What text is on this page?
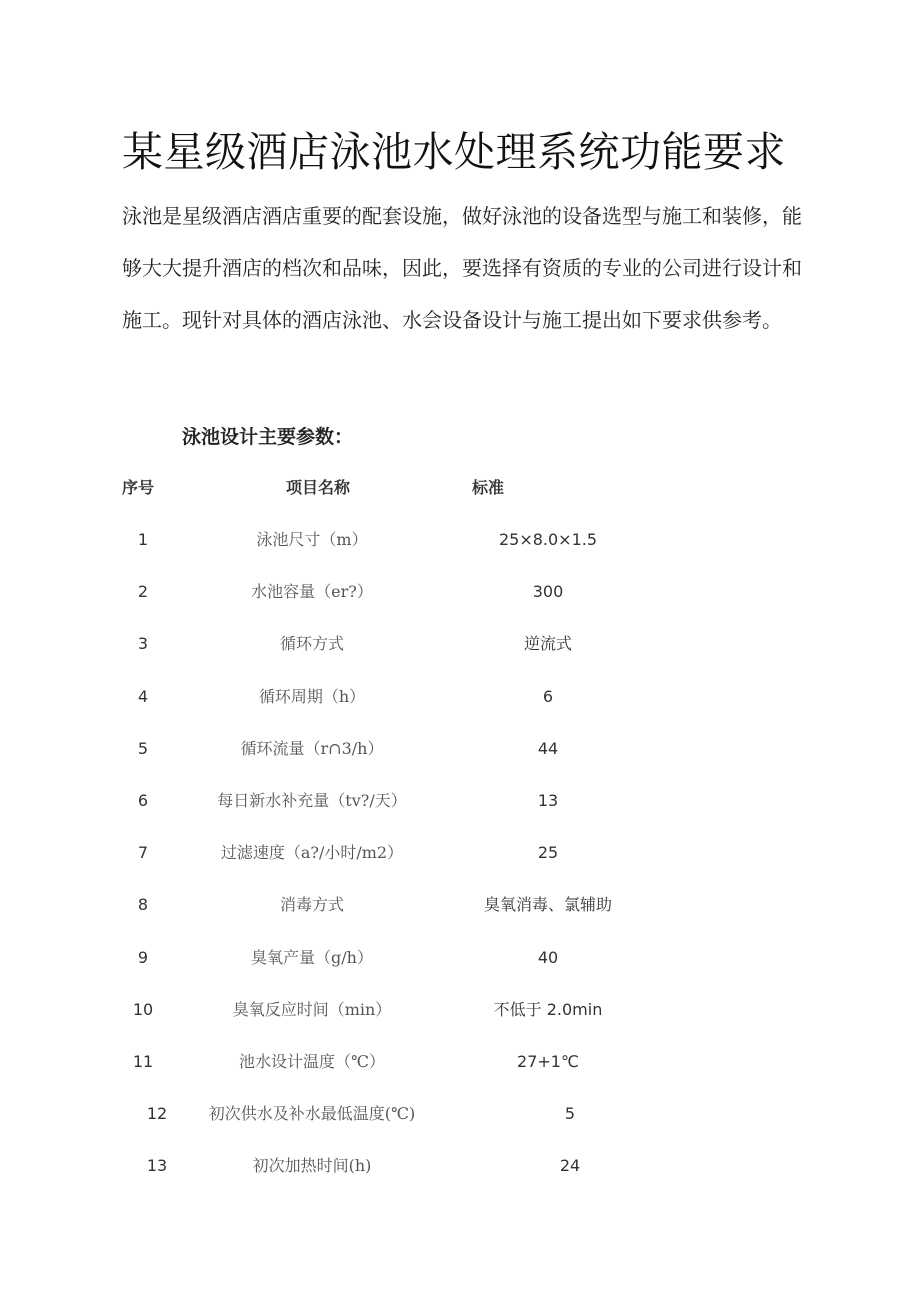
某星级酒店泳池水处理系统功能要求

泳池是星级酒店酒店重要的配套设施，做好泳池的设备选型与施工和装修，能够大大提升酒店的档次和品味，因此，要选择有资质的专业的公司进行设计和施工。现针对具体的酒店泳池、水会设备设计与施工提出如下要求供参考。

泳池设计主要参数：
序号	项目名称	标准
1	泳池尺寸（m）	25×8.0×1.5
2	水池容量（er?）	300
3	循环方式	逆流式
4	循环周期（h）	6
5	循环流量（r∩3/h）	44
6	每日新水补充量（tv?/天）	13
7	过滤速度（a?/小时/m2）	25
8	消毒方式	臭氧消毒、氯辅助
9	臭氧产量（g/h）	40
10	臭氧反应时间（min）	不低于 2.0min
11	池水设计温度（℃）	27+1℃
12	初次供水及补水最低温度(℃)	5
13	初次加热时间(h)	24
